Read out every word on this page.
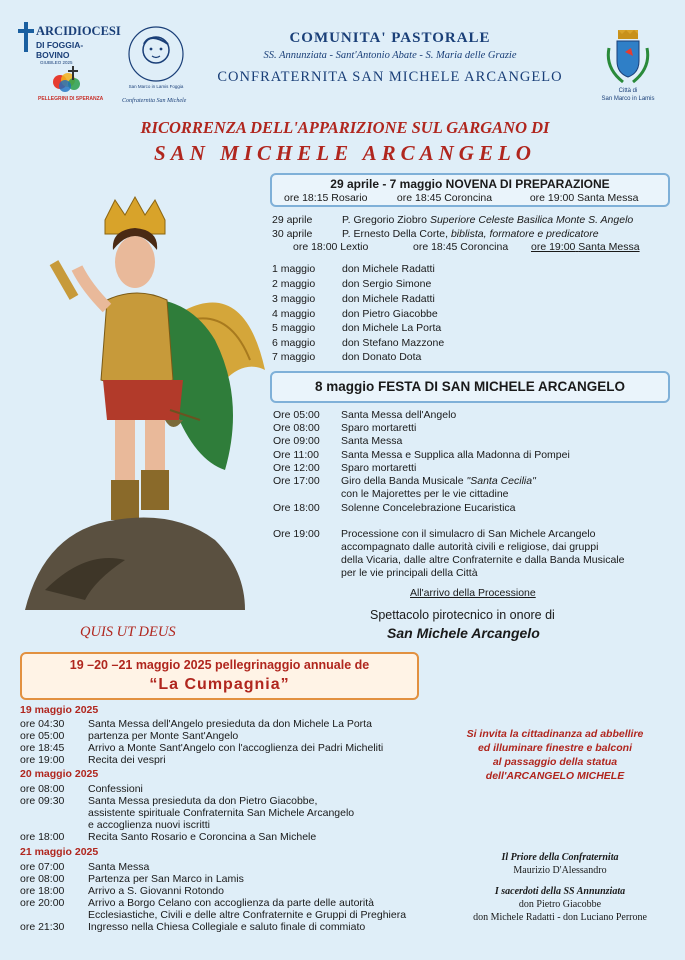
ARCIDIOCESI
DI FOGGIA-BOVINO
GIUBILEO 2025
PELLEGRINI DI SPERANZA
San Marco in Lamis Foggia
Confraternita San Michele
COMUNITA' PASTORALE
SS. Annunziata - Sant'Antonio Abate - S. Maria delle Grazie
CONFRATERNITA SAN MICHELE ARCANGELO
Città di
San Marco in Lamis
RICORRENZA DELL'APPARIZIONE SUL GARGANO DI
SAN MICHELE ARCANGELO
QUIS UT DEUS
29 aprile - 7 maggio NOVENA DI PREPARAZIONE
ore 18:15 Rosario	ore 18:45 Coroncina	ore 19:00 Santa Messa
29 aprile	P. Gregorio Ziobro Superiore Celeste Basilica Monte S. Angelo
30 aprile	P. Ernesto Della Corte, biblista, formatore e predicatore
ore 18:00 Lextio	ore 18:45 Coroncina ore 19:00 Santa Messa
1 maggio	don Michele Radatti
2 maggio	don Sergio Simone
3 maggio	don Michele Radatti
4 maggio	don Pietro Giacobbe
5 maggio	don Michele La Porta
6 maggio	don Stefano Mazzone
7 maggio	don Donato Dota
8 maggio FESTA DI SAN MICHELE ARCANGELO
Ore 05:00 Santa Messa dell'Angelo
Ore 08:00 Sparo mortaretti
Ore 09:00 Santa Messa
Ore 11:00 Santa Messa e Supplica alla Madonna di Pompei
Ore 12:00 Sparo mortaretti
Ore 17:00 Giro della Banda Musicale "Santa Cecilia"
con le Majorettes per le vie cittadine
Ore 18:00 Solenne Concelebrazione Eucaristica
Ore 19:00 Processione con il simulacro di San Michele Arcangelo
accompagnato dalle autorità civili e religiose, dai gruppi
della Vicaria, dalle altre Confraternite e dalla Banda Musicale
per le vie principali della Città
All'arrivo della Processione
Spettacolo pirotecnico in onore di
San Michele Arcangelo
19 –20 –21 maggio 2025 pellegrinaggio annuale de
“La Cumpagnia”
19 maggio 2025
ore 04:30 Santa Messa dell'Angelo presieduta da don Michele La Porta
ore 05:00 partenza per Monte Sant'Angelo
ore 18:45 Arrivo a Monte Sant'Angelo con l'accoglienza dei Padri Micheliti
ore 19:00 Recita dei vespri
20 maggio 2025
ore 08:00 Confessioni
ore 09:30 Santa Messa presieduta da don Pietro Giacobbe,
assistente spirituale Confraternita San Michele Arcangelo
e accoglienza nuovi iscritti
ore 18:00 Recita Santo Rosario e Coroncina a San Michele
21 maggio 2025
ore 07:00 Santa Messa
ore 08:00 Partenza per San Marco in Lamis
ore 18:00 Arrivo a S. Giovanni Rotondo
ore 20:00 Arrivo a Borgo Celano con accoglienza da parte delle autorità
Ecclesiastiche, Civili e delle altre Confraternite e Gruppi di Preghiera
ore 21:30 Ingresso nella Chiesa Collegiale e saluto finale di commiato
Si invita la cittadinanza ad abbellire
ed illuminare finestre e balconi
al passaggio della statua
dell'ARCANGELO MICHELE
Il Priore della Confraternita
Maurizio D'Alessandro
I sacerdoti della SS Annunziata
don Pietro Giacobbe
don Michele Radatti - don Luciano Perrone
